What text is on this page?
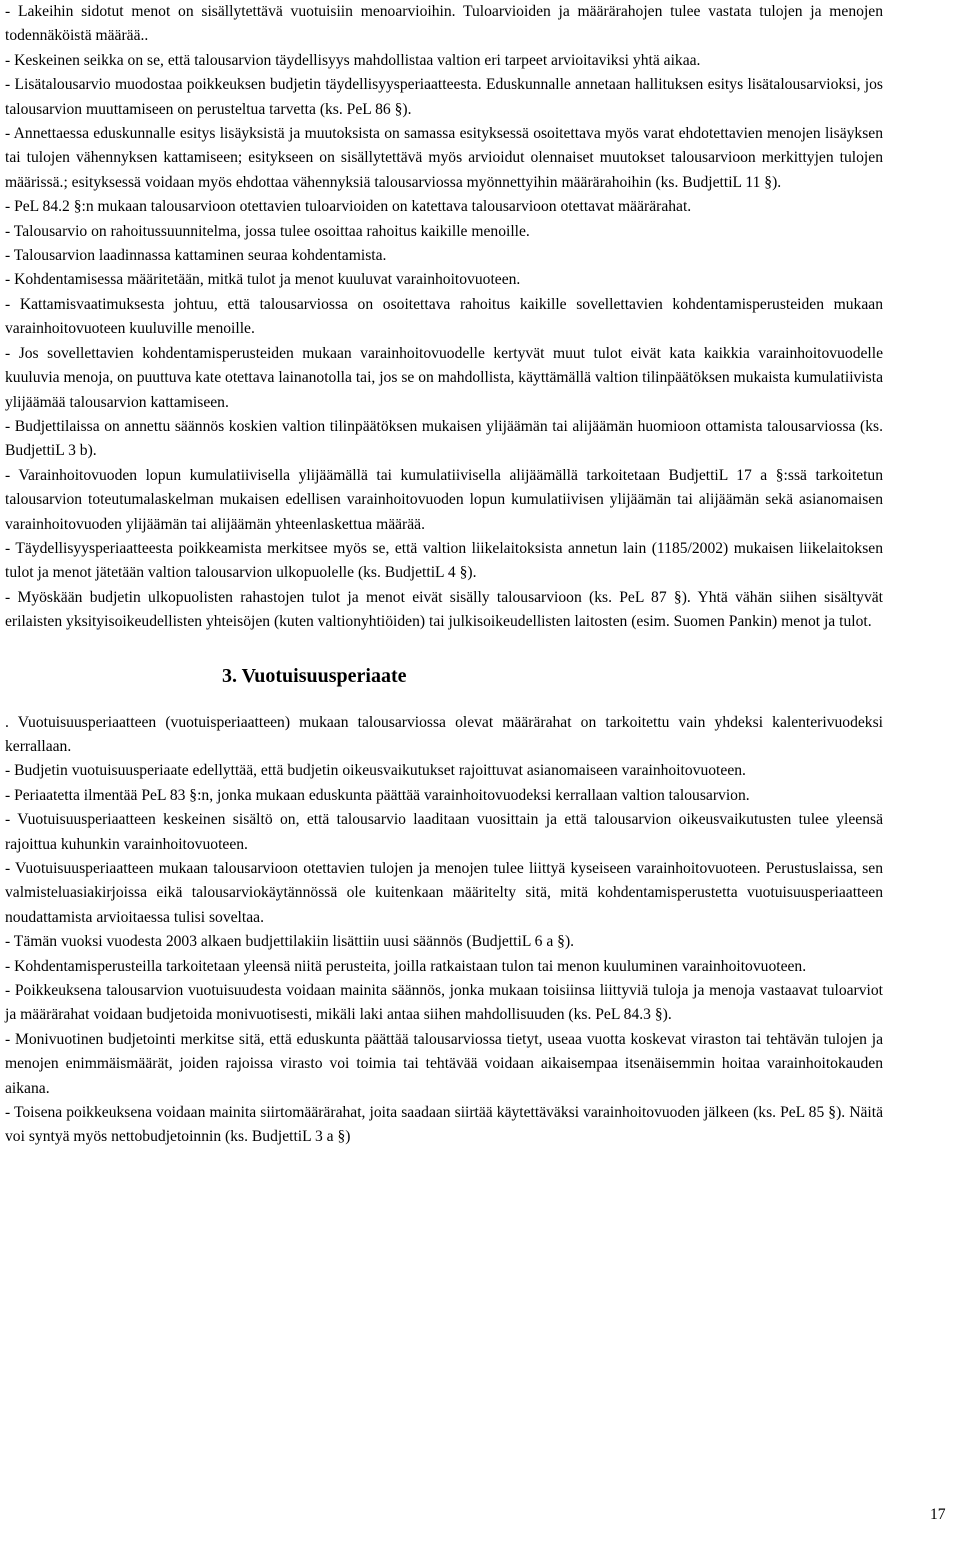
- Lakeihin sidotut menot on sisällytettävä vuotuisiin menoarvioihin. Tuloarvioiden ja määrärahojen tulee vastata tulojen ja menojen todennäköistä määrää..

- Keskeinen seikka on se, että talousarvion täydellisyys mahdollistaa valtion eri tarpeet arvioitaviksi yhtä aikaa.

- Lisätalousarvio muodostaa poikkeuksen budjetin täydellisyysperiaatteesta. Eduskunnalle annetaan hallituksen esitys lisätalousarvioksi, jos talousarvion muuttamiseen on perusteltua tarvetta (ks. PeL 86 §).

- Annettaessa eduskunnalle esitys lisäyksistä ja muutoksista on samassa esityksessä osoitettava myös varat ehdotettavien menojen lisäyksen tai tulojen vähennyksen kattamiseen; esitykseen on sisällytettävä myös arvioidut olennaiset muutokset talousarvioon merkittyjen tulojen määrissä.; esityksessä voidaan myös ehdottaa vähennyksiä talousarviossa myönnettyihin määrärahoihin (ks. BudjettiL 11 §).

- PeL 84.2 §:n mukaan talousarvioon otettavien tuloarvioiden on katettava talousarvioon otettavat määrärahat.

- Talousarvio on rahoitussuunnitelma, jossa tulee osoittaa rahoitus kaikille menoille.

- Talousarvion laadinnassa kattaminen seuraa kohdentamista.

- Kohdentamisessa määritetään, mitkä tulot ja menot kuuluvat varainhoitovuoteen.

- Kattamisvaatimuksesta johtuu, että talousarviossa on osoitettava rahoitus kaikille sovellettavien kohdentamisperusteiden mukaan varainhoitovuoteen kuuluville menoille.

- Jos sovellettavien kohdentamisperusteiden mukaan varainhoitovuodelle kertyvät muut tulot eivät kata kaikkia varainhoitovuodelle kuuluvia menoja, on puuttuva kate otettava lainanotolla tai, jos se on mahdollista, käyttämällä valtion tilinpäätöksen mukaista kumulatiivista ylijäämää talousarvion kattamiseen.

- Budjettilaissa on annettu säännös koskien valtion tilinpäätöksen mukaisen ylijäämän tai alijäämän huomioon ottamista talousarviossa (ks. BudjettiL 3 b).

- Varainhoitovuoden lopun kumulatiivisella ylijäämällä tai kumulatiivisella alijäämällä tarkoitetaan BudjettiL 17 a §:ssä tarkoitetun talousarvion toteutumalaskelman mukaisen edellisen varainhoitovuoden lopun kumulatiivisen ylijäämän tai alijäämän sekä asianomaisen varainhoitovuoden ylijäämän tai alijäämän yhteenlaskettua määrää.

- Täydellisyysperiaatteesta poikkeamista merkitsee myös se, että valtion liikelaitoksista annetun lain (1185/2002) mukaisen liikelaitoksen tulot ja menot jätetään valtion talousarvion ulkopuolelle (ks. BudjettiL 4 §).

- Myöskään budjetin ulkopuolisten rahastojen tulot ja menot eivät sisälly talousarvioon (ks. PeL 87 §). Yhtä vähän siihen sisältyvät erilaisten yksityisoikeudellisten yhteisöjen (kuten valtionyhtiöiden) tai julkisoikeudellisten laitosten (esim. Suomen Pankin) menot ja tulot.

3. Vuotuisuusperiaate

. Vuotuisuusperiaatteen (vuotuisperiaatteen) mukaan talousarviossa olevat määrärahat on tarkoitettu vain yhdeksi kalenterivuodeksi kerrallaan.

- Budjetin vuotuisuusperiaate edellyttää, että budjetin oikeusvaikutukset rajoittuvat asianomaiseen varainhoitovuoteen.

- Periaatetta ilmentää PeL 83 §:n, jonka mukaan eduskunta päättää varainhoitovuodeksi kerrallaan valtion talousarvion.

- Vuotuisuusperiaatteen keskeinen sisältö on, että talousarvio laaditaan vuosittain ja että talousarvion oikeusvaikutusten tulee yleensä rajoittua kuhunkin varainhoitovuoteen.

- Vuotuisuusperiaatteen mukaan talousarvioon otettavien tulojen ja menojen tulee liittyä kyseiseen varainhoitovuoteen. Perustuslaissa, sen valmisteluasiakirjoissa eikä talousarviokäytännössä ole kuitenkaan määritelty sitä, mitä kohdentamisperustetta vuotuisuusperiaatteen noudattamista arvioitaessa tulisi soveltaa.

- Tämän vuoksi vuodesta 2003 alkaen budjettilakiin lisättiin uusi säännös (BudjettiL 6 a §).

- Kohdentamisperusteilla tarkoitetaan yleensä niitä perusteita, joilla ratkaistaan tulon tai menon kuuluminen varainhoitovuoteen.

- Poikkeuksena talousarvion vuotuisuudesta voidaan mainita säännös, jonka mukaan toisiinsa liittyviä tuloja ja menoja vastaavat tuloarviot ja määrärahat voidaan budjetoida monivuotisesti, mikäli laki antaa siihen mahdollisuuden (ks. PeL 84.3 §).

- Monivuotinen budjetointi merkitse sitä, että eduskunta päättää talousarviossa tietyt, useaa vuotta koskevat viraston tai tehtävän tulojen ja menojen enimmäismäärät, joiden rajoissa virasto voi toimia tai tehtävää voidaan aikaisempaa itsenäisemmin hoitaa varainhoitokauden aikana.

- Toisena poikkeuksena voidaan mainita siirtomäärärahat, joita saadaan siirtää käytettäväksi varainhoitovuoden jälkeen (ks. PeL 85 §). Näitä voi syntyä myös nettobudjetoinnin (ks. BudjettiL 3 a §)

17
